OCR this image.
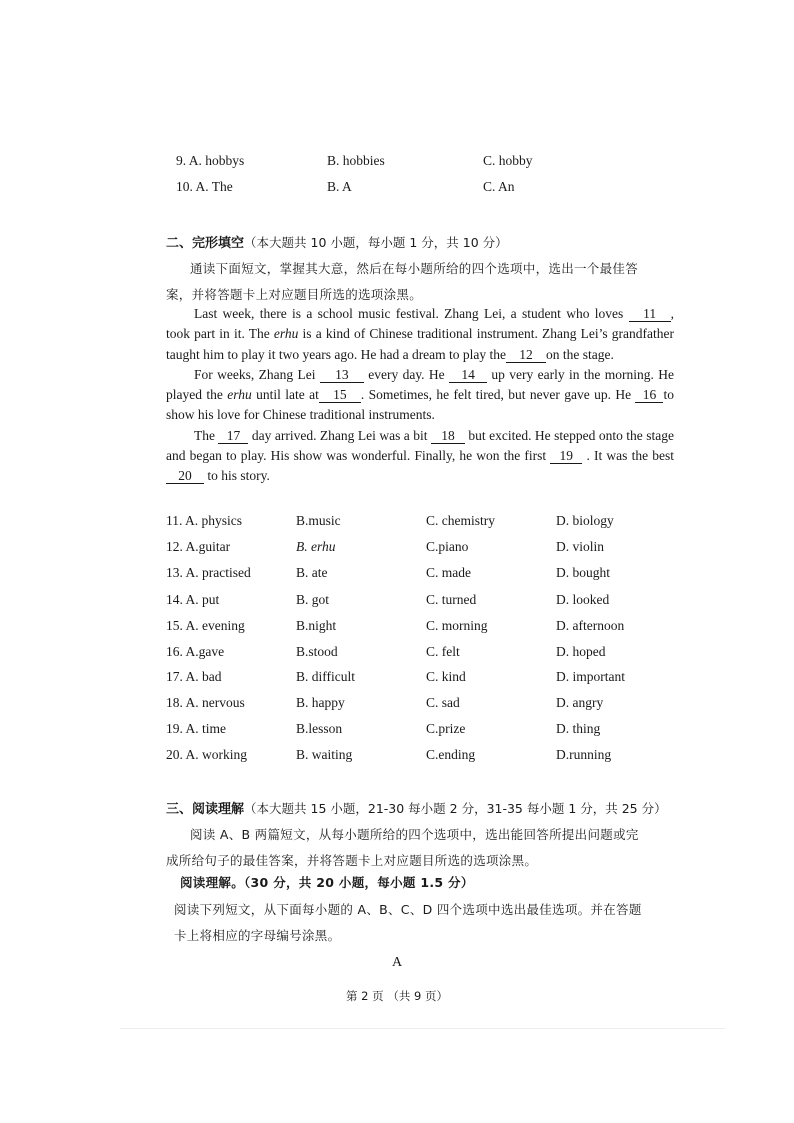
9. A. hobbys	B. hobbies	C. hobby
10. A. The	B. A	C. An
二、完形填空（本大题共 10 小题，每小题 1 分，共 10 分）
通读下面短文，掌握其大意，然后在每小题所给的四个选项中，选出一个最佳答
案，并将答题卡上对应题目所选的选项涂黑。

Last week, there is a school music festival. Zhang Lei, a student who loves 11 , took part in it. The erhu is a kind of Chinese traditional instrument. Zhang Lei’s grandfather taught him to play it two years ago. He had a dream to play the 12 on the stage.

For weeks, Zhang Lei 13 every day. He 14 up very early in the morning. He played the erhu until late at 15 . Sometimes, he felt tired, but never gave up. He 16 to show his love for Chinese traditional instruments.

The 17 day arrived. Zhang Lei was a bit 18 but excited. He stepped onto the stage and began to play. His show was wonderful. Finally, he won the first 19 . It was the best 20 to his story.

11. A. physics	B.music	C. chemistry	D. biology
12. A.guitar	B. erhu	C.piano	D. violin
13. A. practised	B. ate	C. made	D. bought
14. A. put	B. got	C. turned	D. looked
15. A. evening	B.night	C. morning	D. afternoon
16. A.gave	B.stood	C. felt	D. hoped
17. A. bad	B. difficult	C. kind	D. important
18. A. nervous	B. happy	C. sad	D. angry
19. A. time	B.lesson	C.prize	D. thing
20. A. working	B. waiting	C.ending	D.running
三、阅读理解（本大题共 15 小题，21-30 每小题 2 分，31-35 每小题 1 分，共 25 分）
阅读 A、B 两篇短文，从每小题所给的四个选项中，选出能回答所提出问题或完
成所给句子的最佳答案，并将答题卡上对应题目所选的选项涂黑。
阅读理解。（30 分，共 20 小题，每小题 1.5 分）
阅读下列短文，从下面每小题的 A、B、C、D 四个选项中选出最佳选项。并在答题
卡上将相应的字母编号涂黑。
A
第 2 页 （共 9 页）
